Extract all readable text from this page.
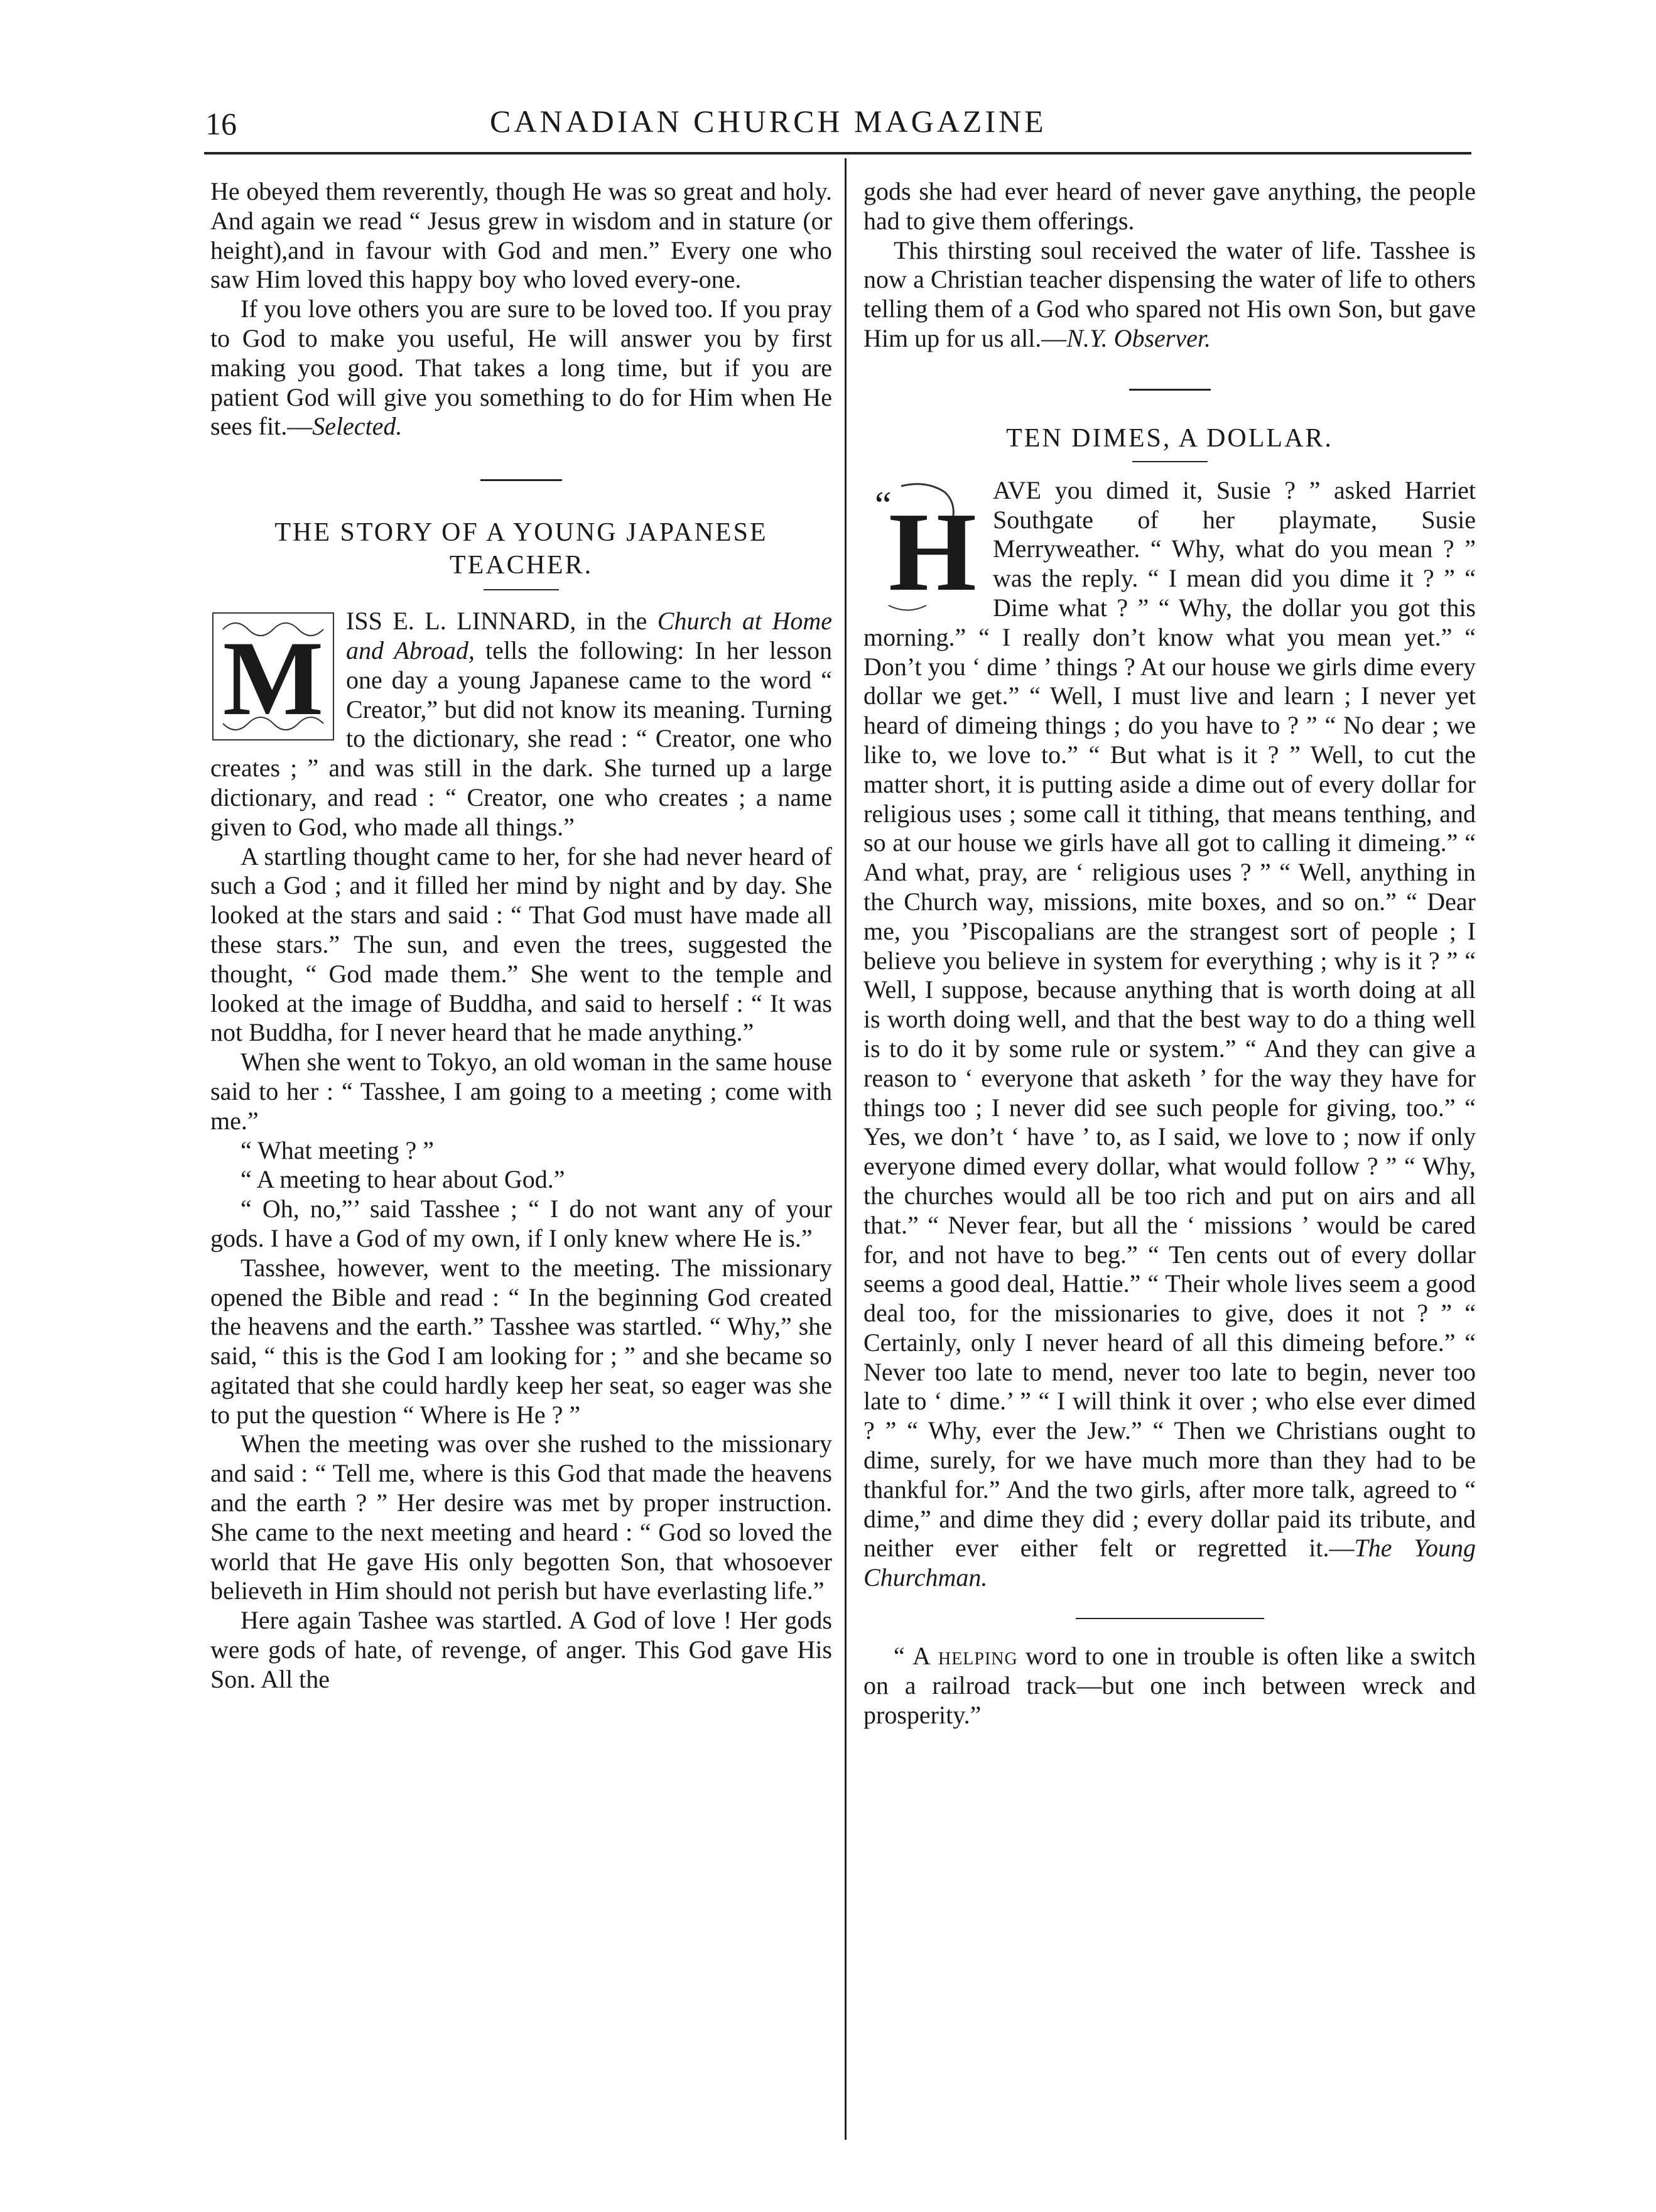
16	CANADIAN CHURCH MAGAZINE

He obeyed them reverently, though He was so great and holy. And again we read “ Jesus grew in wisdom and in stature (or height),and in favour with God and men.” Every one who saw Him loved this happy boy who loved every-one.

If you love others you are sure to be loved too. If you pray to God to make you useful, He will answer you by first making you good. That takes a long time, but if you are patient God will give you something to do for Him when He sees fit.—Selected.

THE STORY OF A YOUNG JAPANESE TEACHER.
M ISS E. L. LINNARD, in the Church at Home and Abroad, tells the following: In her lesson one day a young Japanese came to the word “ Creator,” but did not know its meaning. Turning to the dictionary, she read : “ Creator, one who creates ; ” and was still in the dark. She turned up a large dictionary, and read : “ Creator, one who creates ; a name given to God, who made all things.”

A startling thought came to her, for she had never heard of such a God ; and it filled her mind by night and by day. She looked at the stars and said : “ That God must have made all these stars.” The sun, and even the trees, suggested the thought, “ God made them.” She went to the temple and looked at the image of Buddha, and said to herself : “ It was not Buddha, for I never heard that he made anything.”

When she went to Tokyo, an old woman in the same house said to her : “ Tasshee, I am going to a meeting ; come with me.”

“ What meeting ? ”

“ A meeting to hear about God.”

“ Oh, no,”’ said Tasshee ; “ I do not want any of your gods. I have a God of my own, if I only knew where He is.”

Tasshee, however, went to the meeting. The missionary opened the Bible and read : “ In the beginning God created the heavens and the earth.” Tasshee was startled. “ Why,” she said, “ this is the God I am looking for ; ” and she became so agitated that she could hardly keep her seat, so eager was she to put the question “ Where is He ? ”

When the meeting was over she rushed to the missionary and said : “ Tell me, where is this God that made the heavens and the earth ? ” Her desire was met by proper instruction. She came to the next meeting and heard : “ God so loved the world that He gave His only begotten Son, that whosoever believeth in Him should not perish but have everlasting life.”

Here again Tashee was startled. A God of love ! Her gods were gods of hate, of revenge, of anger. This God gave His Son. All the

gods she had ever heard of never gave anything, the people had to give them offerings.

This thirsting soul received the water of life. Tasshee is now a Christian teacher dispensing the water of life to others telling them of a God who spared not His own Son, but gave Him up for us all.—N.Y. Observer.

TEN DIMES, A DOLLAR.
“
H AVE you dimed it, Susie ? ” asked Harriet Southgate of her playmate, Susie Merryweather. “ Why, what do you mean ? ” was the reply. “ I mean did you dime it ? ” “ Dime what ? ” “ Why, the dollar you got this morning.” “ I really don’t know what you mean yet.” “ Don’t you ‘ dime ’ things ? At our house we girls dime every dollar we get.” “ Well, I must live and learn ; I never yet heard of dimeing things ; do you have to ? ” “ No dear ; we like to, we love to.” “ But what is it ? ” Well, to cut the matter short, it is putting aside a dime out of every dollar for religious uses ; some call it tithing, that means tenthing, and so at our house we girls have all got to calling it dimeing.” “ And what, pray, are ‘ religious uses ? ” “ Well, anything in the Church way, missions, mite boxes, and so on.” “ Dear me, you ’Piscopalians are the strangest sort of people ; I believe you believe in system for everything ; why is it ? ” “ Well, I suppose, because anything that is worth doing at all is worth doing well, and that the best way to do a thing well is to do it by some rule or system.” “ And they can give a reason to ‘ everyone that asketh ’ for the way they have for things too ; I never did see such people for giving, too.” “ Yes, we don’t ‘ have ’ to, as I said, we love to ; now if only everyone dimed every dollar, what would follow ? ” “ Why, the churches would all be too rich and put on airs and all that.” “ Never fear, but all the ‘ missions ’ would be cared for, and not have to beg.” “ Ten cents out of every dollar seems a good deal, Hattie.” “ Their whole lives seem a good deal too, for the missionaries to give, does it not ? ” “ Certainly, only I never heard of all this dimeing before.” “ Never too late to mend, never too late to begin, never too late to ‘ dime.’ ” “ I will think it over ; who else ever dimed ? ” “ Why, ever the Jew.” “ Then we Christians ought to dime, surely, for we have much more than they had to be thankful for.” And the two girls, after more talk, agreed to “ dime,” and dime they did ; every dollar paid its tribute, and neither ever either felt or regretted it.—The Young Churchman.

“ A helping word to one in trouble is often like a switch on a railroad track—but one inch between wreck and prosperity.”
